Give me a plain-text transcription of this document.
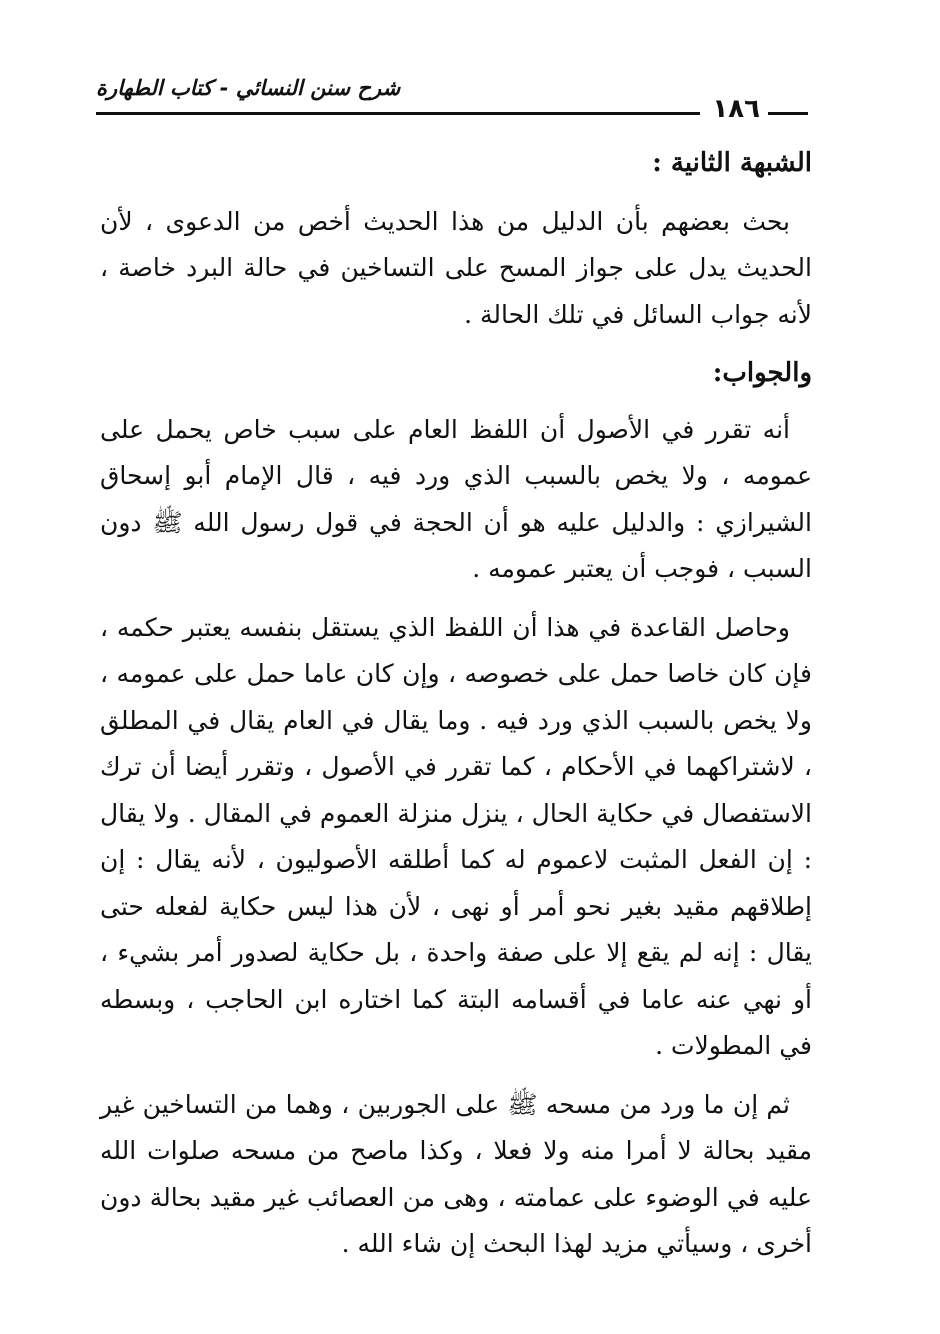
شرح سنن النسائي - كتاب الطهارة
١٨٦
الشبهة الثانية :

بحث بعضهم بأن الدليل من هذا الحديث أخص من الدعوى ، لأن الحديث يدل على جواز المسح على التساخين في حالة البرد خاصة ، لأنه جواب السائل في تلك الحالة .

والجواب:

أنه تقرر في الأصول أن اللفظ العام على سبب خاص يحمل على عمومه ، ولا يخص بالسبب الذي ورد فيه ، قال الإمام أبو إسحاق الشيرازي : والدليل عليه هو أن الحجة في قول رسول الله ﷺ دون السبب ، فوجب أن يعتبر عمومه .

وحاصل القاعدة في هذا أن اللفظ الذي يستقل بنفسه يعتبر حكمه ، فإن كان خاصا حمل على خصوصه ، وإن كان عاما حمل على عمومه ، ولا يخص بالسبب الذي ورد فيه . وما يقال في العام يقال في المطلق ، لاشتراكهما في الأحكام ، كما تقرر في الأصول ، وتقرر أيضا أن ترك الاستفصال في حكاية الحال ، ينزل منزلة العموم في المقال . ولا يقال : إن الفعل المثبت لاعموم له كما أطلقه الأصوليون ، لأنه يقال : إن إطلاقهم مقيد بغير نحو أمر أو نهى ، لأن هذا ليس حكاية لفعله حتى يقال : إنه لم يقع إلا على صفة واحدة ، بل حكاية لصدور أمر بشيء ، أو نهي عنه عاما في أقسامه البتة كما اختاره ابن الحاجب ، وبسطه في المطولات .

ثم إن ما ورد من مسحه ﷺ على الجوربين ، وهما من التساخين غير مقيد بحالة لا أمرا منه ولا فعلا ، وكذا ماصح من مسحه صلوات الله عليه في الوضوء على عمامته ، وهى من العصائب غير مقيد بحالة دون أخرى ، وسيأتي مزيد لهذا البحث إن شاء الله .
